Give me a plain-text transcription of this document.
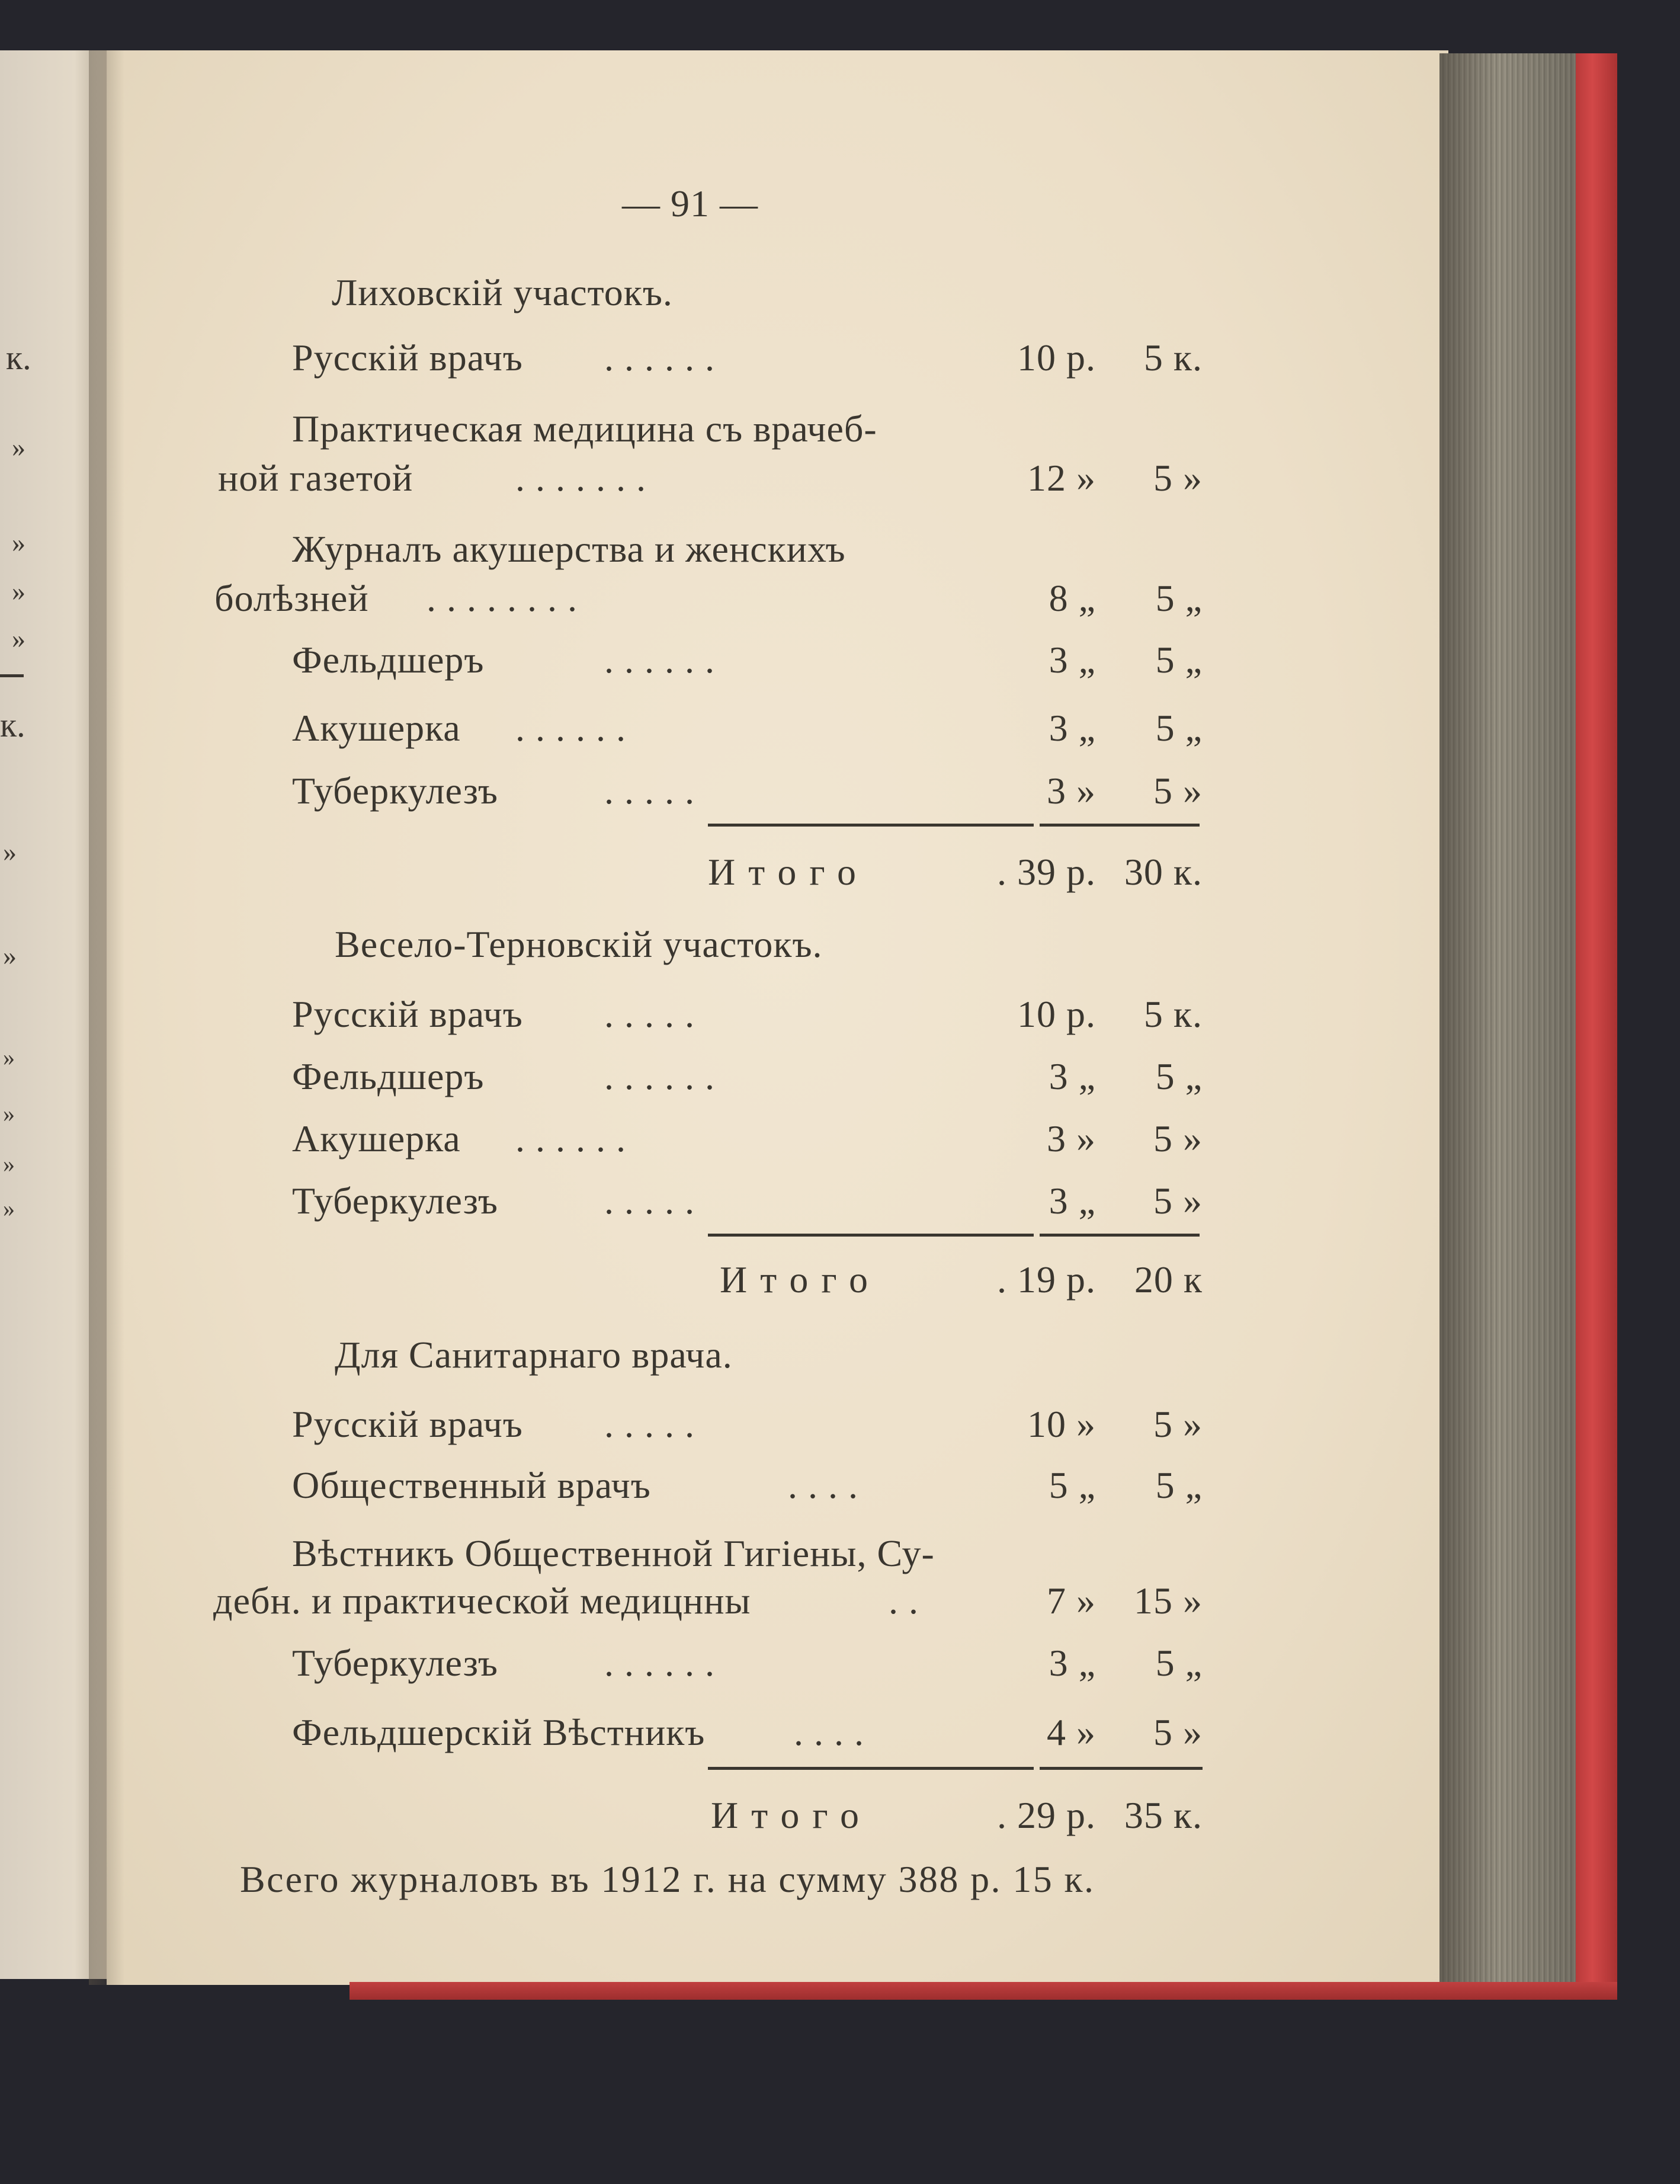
к.
»
»
»
»
к.
»
»
»
»
»
»
— 91 —
Лиховскій участокъ.
Русскій врачъ . . . . . .	10 р.	5 к.
Практическая медицина съ врачеб-
ной газетой	. . . . . . .	12 »	5 »
Журналъ акушерства и женскихъ
болѣзней . . . . . . . .	8 „	5 „
Фельдшеръ	. . . . . .	3 „	5 „
Акушерка . . . . . .	3 „	5 „
Туберкулезъ	. . . . .	3 »	5 »
Итого	. 39 р. 30 к.
Весело-Терновскій участокъ.
Русскій врачъ . . . . .	10 р.	5 к.
Фельдшеръ	. . . . . .	3 „	5 „
Акушерка . . . . . .	3 »	5 »
Туберкулезъ	. . . . .	3 „	5 »
Итого	. 19 р.	20 к
Для Санитарнаго врача.
Русскій врачъ . . . . .	10 »	5 »
Общественный врачъ	. . . .	5 „	5 „
Вѣстникъ Общественной Гигіены, Су-
дебн. и практической медицнны	. .	7 »	15 »
Туберкулезъ	. . . . . .	3 „	5 „
Фельдшерскій Вѣстникъ . . . .	4 »	5 »
Итого	. 29 р. 35 к.
Всего журналовъ въ 1912 г. на сумму 388 р. 15 к.
